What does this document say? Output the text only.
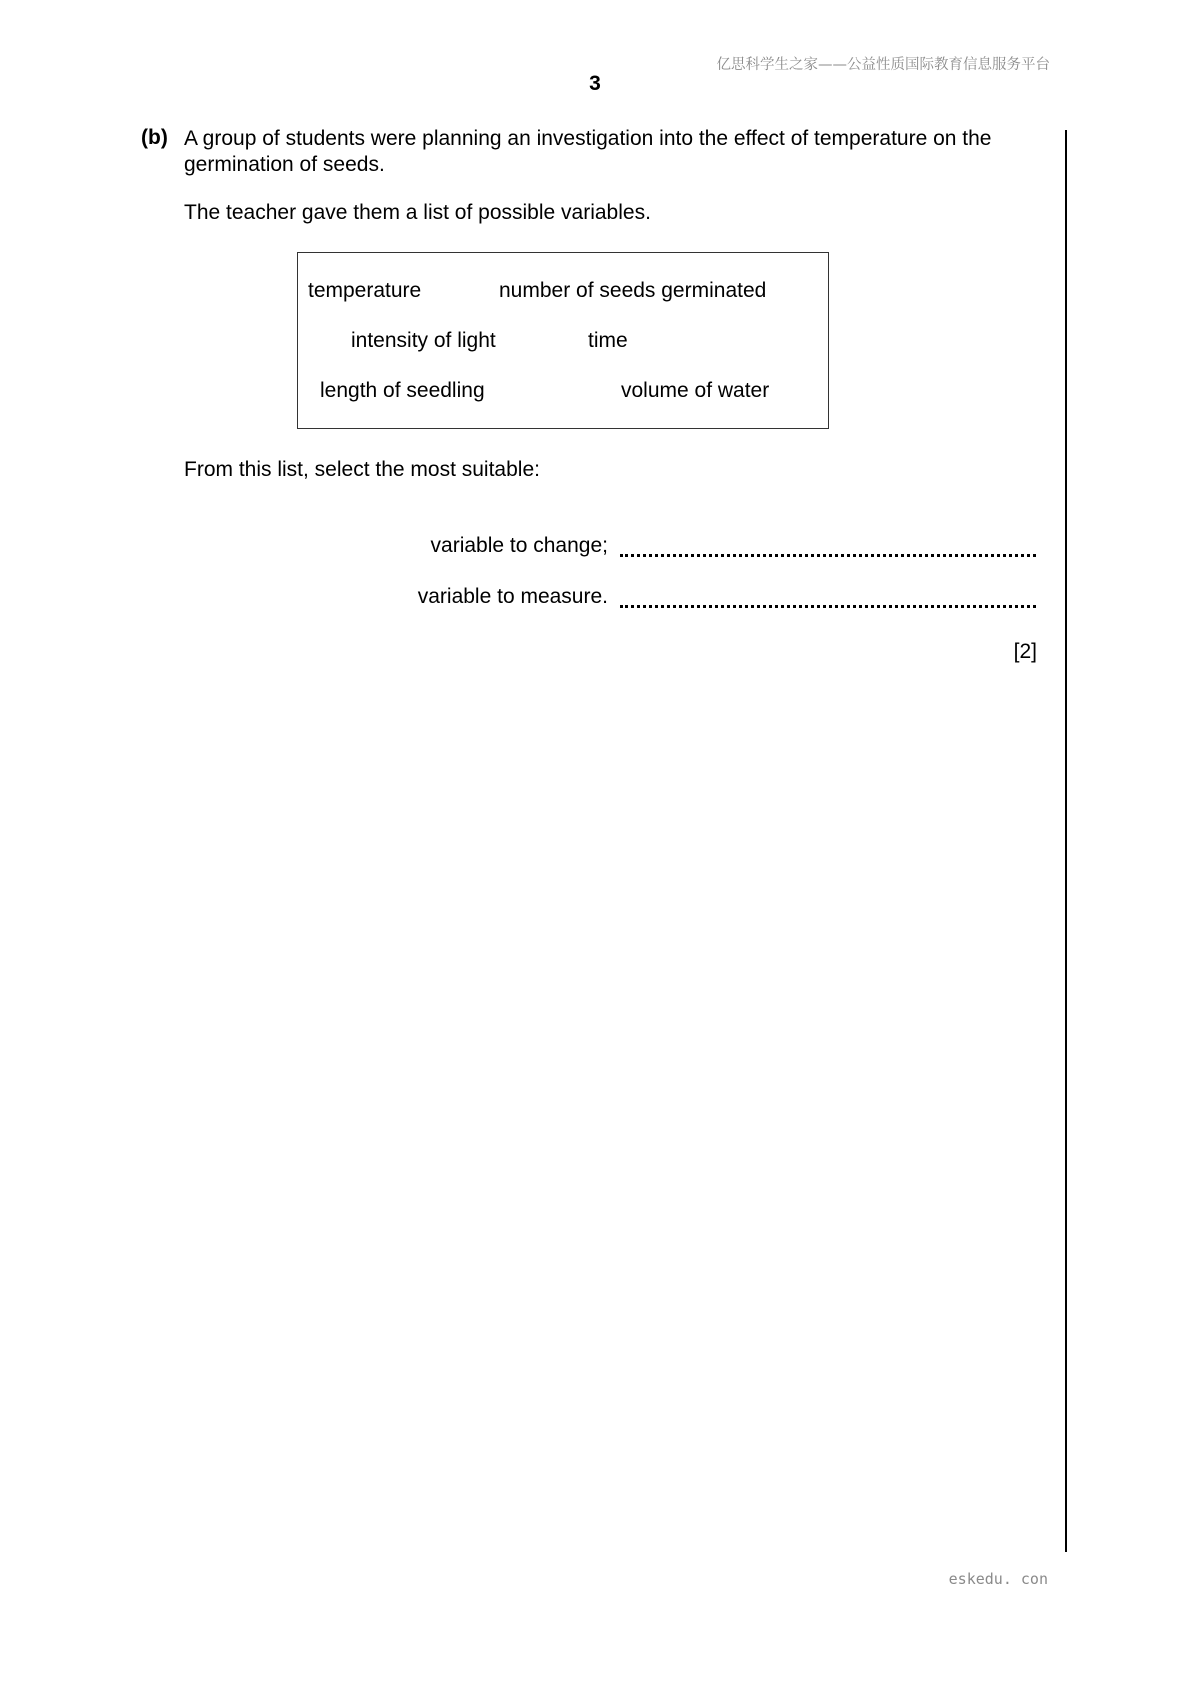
亿思科学生之家——公益性质国际教育信息服务平台
3
(b) A group of students were planning an investigation into the effect of temperature on the germination of seeds.
The teacher gave them a list of possible variables.
temperature	number of seeds germinated
intensity of light	time
length of seedling	volume of water
From this list, select the most suitable:
variable to change;
variable to measure.
[2]
eskedu. con
